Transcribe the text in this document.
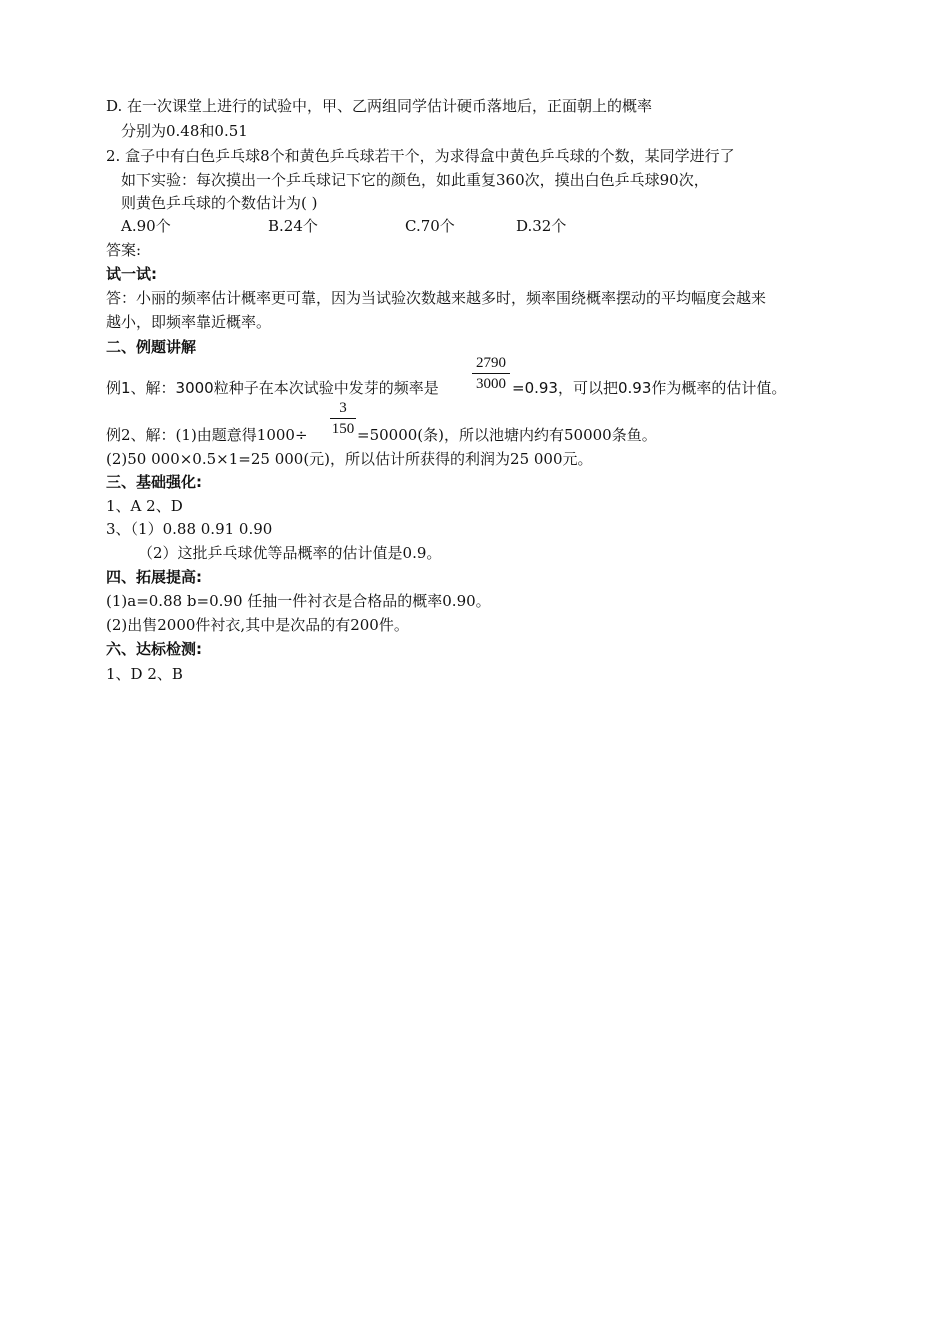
D. 在一次课堂上进行的试验中，甲、乙两组同学估计硬币落地后，正面朝上的概率
分别为0.48和0.51
2. 盒子中有白色乒乓球8个和黄色乒乓球若干个，为求得盒中黄色乒乓球的个数，某同学进行了
如下实验：每次摸出一个乒乓球记下它的颜色，如此重复360次，摸出白色乒乓球90次，
则黄色乒乓球的个数估计为( )
A.90个	B.24个	C.70个	D.32个
答案:
试一试:
答：小丽的频率估计概率更可靠，因为当试验次数越来越多时，频率围绕概率摆动的平均幅度会越来
越小，即频率靠近概率。
二、例题讲解
例1、解：3000粒种子在本次试验中发芽的频率是
2790
3000 =0.93，可以把0.93作为概率的估计值。
例2、解：(1)由题意得1000÷
3
150 =50000(条)，所以池塘内约有50000条鱼。
(2)50 000×0.5×1=25 000(元)，所以估计所获得的利润为25 000元。
三、基础强化:
1、A 2、D
3、（1）0.88 0.91 0.90
（2）这批乒乓球优等品概率的估计值是0.9。
四、拓展提高:
(1)a=0.88 b=0.90 任抽一件衬衣是合格品的概率0.90。
(2)出售2000件衬衣,其中是次品的有200件。
六、达标检测:
1、D 2、B
